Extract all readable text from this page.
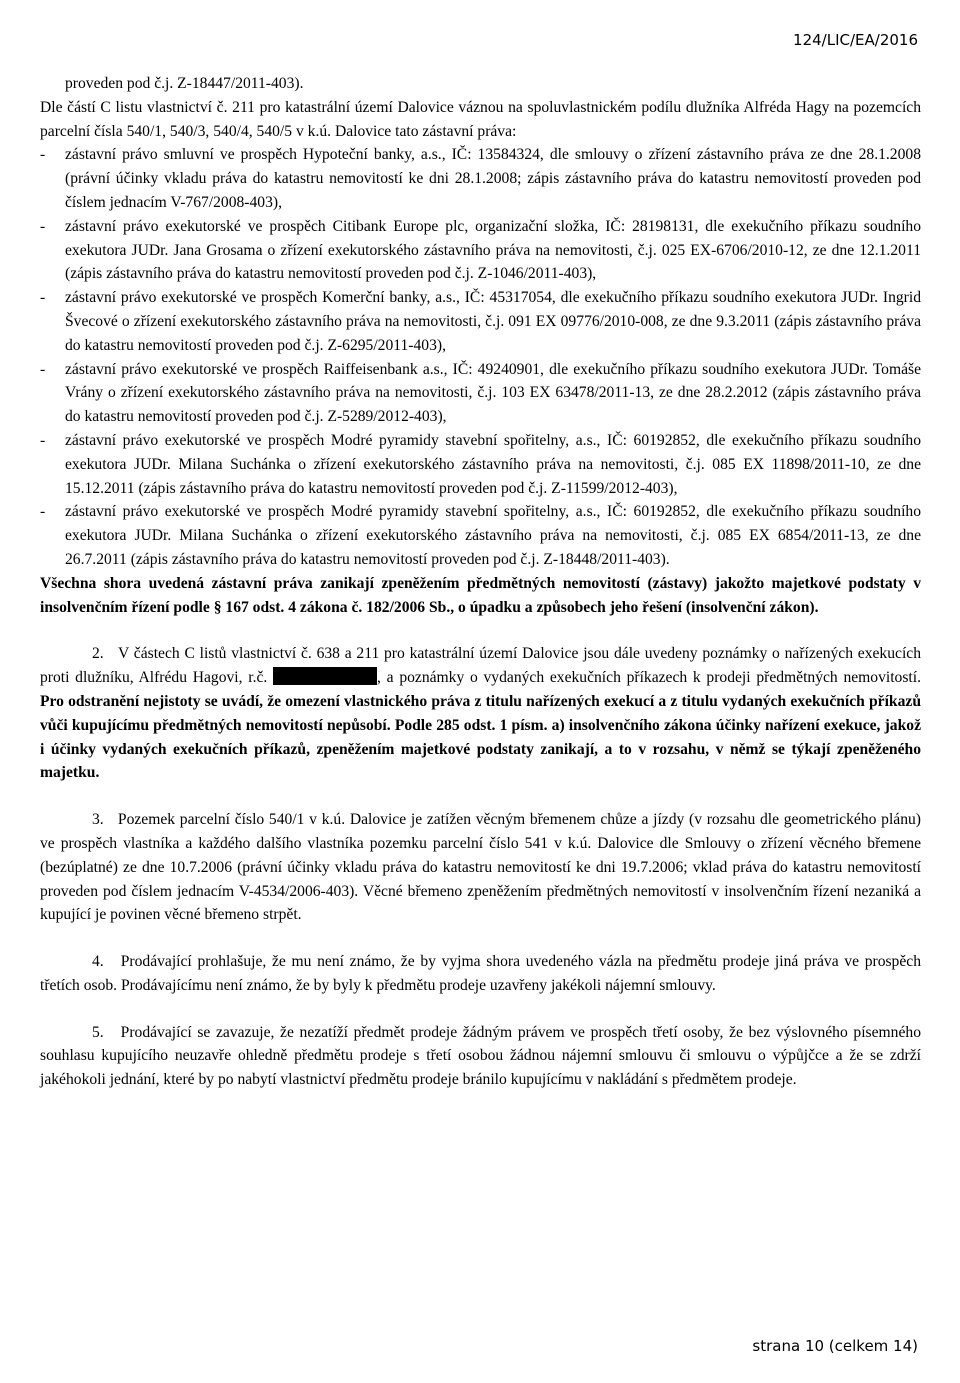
124/LIC/EA/2016

proveden pod č.j. Z-18447/2011-403).

Dle částí C listu vlastnictví č. 211 pro katastrální území Dalovice váznou na spoluvlastnickém podílu dlužníka Alfréda Hagy na pozemcích parcelní čísla 540/1, 540/3, 540/4, 540/5 v k.ú. Dalovice tato zástavní práva:

- zástavní právo smluvní ve prospěch Hypoteční banky, a.s., IČ: 13584324, dle smlouvy o zřízení zástavního práva ze dne 28.1.2008 (právní účinky vkladu práva do katastru nemovitostí ke dni 28.1.2008; zápis zástavního práva do katastru nemovitostí proveden pod číslem jednacím V-767/2008-403),
- zástavní právo exekutorské ve prospěch Citibank Europe plc, organizační složka, IČ: 28198131, dle exekučního příkazu soudního exekutora JUDr. Jana Grosama o zřízení exekutorského zástavního práva na nemovitosti, č.j. 025 EX-6706/2010-12, ze dne 12.1.2011 (zápis zástavního práva do katastru nemovitostí proveden pod č.j. Z-1046/2011-403),
- zástavní právo exekutorské ve prospěch Komerční banky, a.s., IČ: 45317054, dle exekučního příkazu soudního exekutora JUDr. Ingrid Švecové o zřízení exekutorského zástavního práva na nemovitosti, č.j. 091 EX 09776/2010-008, ze dne 9.3.2011 (zápis zástavního práva do katastru nemovitostí proveden pod č.j. Z-6295/2011-403),
- zástavní právo exekutorské ve prospěch Raiffeisenbank a.s., IČ: 49240901, dle exekučního příkazu soudního exekutora JUDr. Tomáše Vrány o zřízení exekutorského zástavního práva na nemovitosti, č.j. 103 EX 63478/2011-13, ze dne 28.2.2012 (zápis zástavního práva do katastru nemovitostí proveden pod č.j. Z-5289/2012-403),
- zástavní právo exekutorské ve prospěch Modré pyramidy stavební spořitelny, a.s., IČ: 60192852, dle exekučního příkazu soudního exekutora JUDr. Milana Suchánka o zřízení exekutorského zástavního práva na nemovitosti, č.j. 085 EX 11898/2011-10, ze dne 15.12.2011 (zápis zástavního práva do katastru nemovitostí proveden pod č.j. Z-11599/2012-403),
- zástavní právo exekutorské ve prospěch Modré pyramidy stavební spořitelny, a.s., IČ: 60192852, dle exekučního příkazu soudního exekutora JUDr. Milana Suchánka o zřízení exekutorského zástavního práva na nemovitosti, č.j. 085 EX 6854/2011-13, ze dne 26.7.2011 (zápis zástavního práva do katastru nemovitostí proveden pod č.j. Z-18448/2011-403).

Všechna shora uvedená zástavní práva zanikají zpeněžením předmětných nemovitostí (zástavy) jakožto majetkové podstaty v insolvenčním řízení podle § 167 odst. 4 zákona č. 182/2006 Sb., o úpadku a způsobech jeho řešení (insolvenční zákon).

2. V částech C listů vlastnictví č. 638 a 211 pro katastrální území Dalovice jsou dále uvedeny poznámky o nařízených exekucích proti dlužníku, Alfrédu Hagovi, r.č.	, a poznámky o vydaných exekučních příkazech k prodeji předmětných nemovitostí. Pro odstranění nejistoty se uvádí, že omezení vlastnického práva z titulu nařízených exekucí a z titulu vydaných exekučních příkazů vůči kupujícímu předmětných nemovitostí nepůsobí. Podle 285 odst. 1 písm. a) insolvenčního zákona účinky nařízení exekuce, jakož i účinky vydaných exekučních příkazů, zpeněžením majetkové podstaty zanikají, a to v rozsahu, v němž se týkají zpeněženého majetku.

3. Pozemek parcelní číslo 540/1 v k.ú. Dalovice je zatížen věcným břemenem chůze a jízdy (v rozsahu dle geometrického plánu) ve prospěch vlastníka a každého dalšího vlastníka pozemku parcelní číslo 541 v k.ú. Dalovice dle Smlouvy o zřízení věcného břemene (bezúplatné) ze dne 10.7.2006 (právní účinky vkladu práva do katastru nemovitostí ke dni 19.7.2006; vklad práva do katastru nemovitostí proveden pod číslem jednacím V-4534/2006-403). Věcné břemeno zpeněžením předmětných nemovitostí v insolvenčním řízení nezaniká a kupující je povinen věcné břemeno strpět.

4. Prodávající prohlašuje, že mu není známo, že by vyjma shora uvedeného vázla na předmětu prodeje jiná práva ve prospěch třetích osob. Prodávajícímu není známo, že by byly k předmětu prodeje uzavřeny jakékoli nájemní smlouvy.

5. Prodávající se zavazuje, že nezatíží předmět prodeje žádným právem ve prospěch třetí osoby, že bez výslovného písemného souhlasu kupujícího neuzavře ohledně předmětu prodeje s třetí osobou žádnou nájemní smlouvu či smlouvu o výpůjčce a že se zdrží jakéhokoli jednání, které by po nabytí vlastnictví předmětu prodeje bránilo kupujícímu v nakládání s předmětem prodeje.

strana 10 (celkem 14)
